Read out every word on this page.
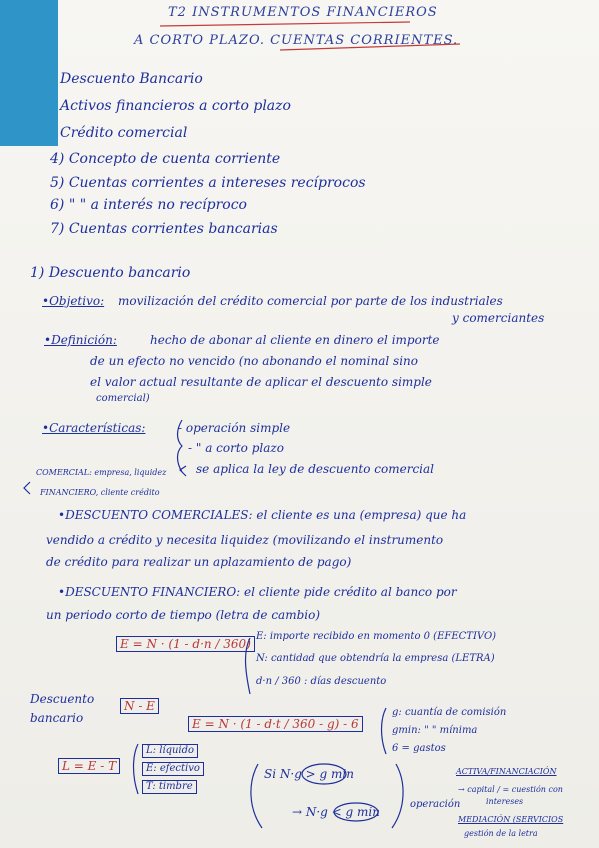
T2 INSTRUMENTOS FINANCIEROS
A CORTO PLAZO. CUENTAS CORRIENTES.
Descuento Bancario
Activos financieros a corto plazo
Crédito comercial
4) Concepto de cuenta corriente
5) Cuentas corrientes a intereses recíprocos
6) " " a interés no recíproco
7) Cuentas corrientes bancarias
1) Descuento bancario
•Objetivo: movilización del crédito comercial por parte de los industriales
y comerciantes
•Definición:	hecho de abonar al cliente en dinero el importe
de un efecto no vencido (no abonando el nominal sino
el valor actual resultante de aplicar el descuento simple
comercial)
•Características:	- operación simple
- " a corto plazo
COMERCIAL: empresa, liquidez
FINANCIERO, cliente crédito
se aplica la ley de descuento comercial
•DESCUENTO COMERCIALES: el cliente es una (empresa) que ha
vendido a crédito y necesita liquidez (movilizando el instrumento
de crédito para realizar un aplazamiento de pago)
•DESCUENTO FINANCIERO: el cliente pide crédito al banco por
un periodo corto de tiempo (letra de cambio)
E = N · (1 - d·n / 360)
E: importe recibido en momento 0 (EFECTIVO)
N: cantidad que obtendría la empresa (LETRA)
d·n / 360 : días descuento
Descuento bancario
N - E
E = N · (1 - d·t / 360 - g) - 6
g: cuantía de comisión
gmin: " " mínima
6 = gastos
L = E - T
L: líquido
E: efectivo
T: timbre
Si N·g > g min
→ N·g < g min
operación
ACTIVA/FINANCIACIÓN
→ capital / = cuestión con
intereses
MEDIACIÓN (SERVICIOS
gestión de la letra
